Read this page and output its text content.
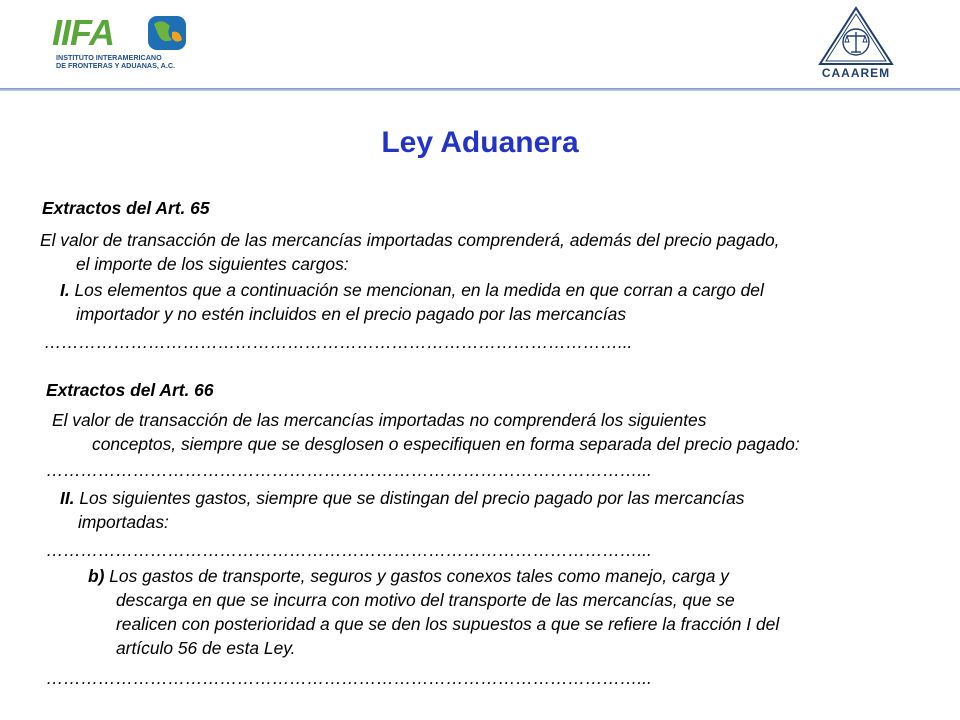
IIFA
INSTITUTO INTERAMERICANO
DE FRONTERAS Y ADUANAS, A.C.
CAAAREM
Ley Aduanera
Extractos del Art. 65
El valor de transacción de las mercancías importadas comprenderá, además del precio pagado,
el importe de los siguientes cargos:
I. Los elementos que a continuación se mencionan, en la medida en que corran a cargo del
importador y no estén incluidos en el precio pagado por las mercancías
………………………………………………………………………………………...
Extractos del Art. 66
El valor de transacción de las mercancías importadas no comprenderá los siguientes
conceptos, siempre que se desglosen o especifiquen en forma separada del precio pagado:
…………………………………………………………………………………………...
II. Los siguientes gastos, siempre que se distingan del precio pagado por las mercancías
importadas:
…………………………………………………………………………………………...
b) Los gastos de transporte, seguros y gastos conexos tales como manejo, carga y
descarga en que se incurra con motivo del transporte de las mercancías, que se
realicen con posterioridad a que se den los supuestos a que se refiere la fracción I del
artículo 56 de esta Ley.
…………………………………………………………………………………………...
